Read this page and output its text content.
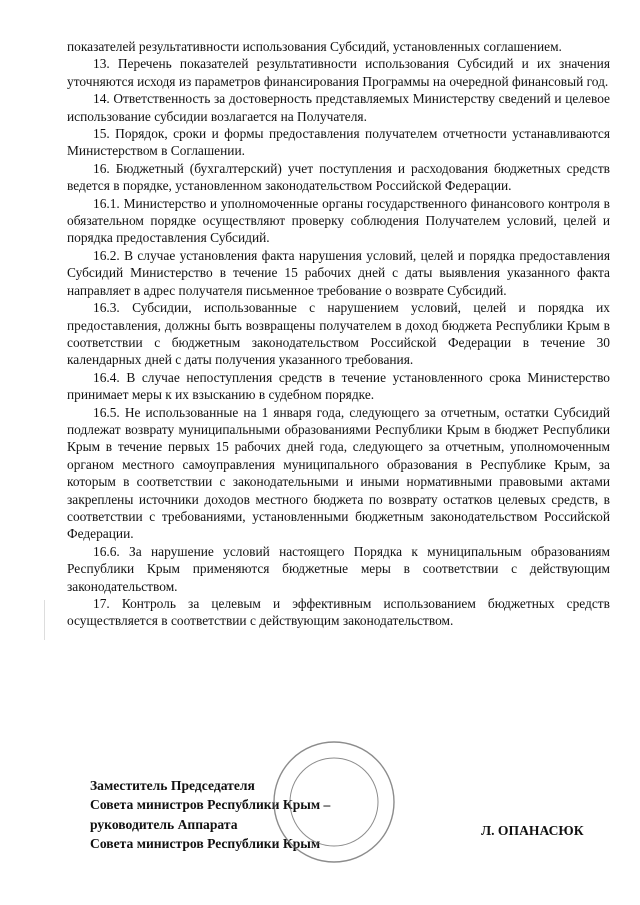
показателей результативности использования Субсидий, установленных соглашением.

13. Перечень показателей результативности использования Субсидий и их значения уточняются исходя из параметров финансирования Программы на очередной финансовый год.

14. Ответственность за достоверность представляемых Министерству сведений и целевое использование субсидии возлагается на Получателя.

15. Порядок, сроки и формы предоставления получателем отчетности устанавливаются Министерством в Соглашении.

16. Бюджетный (бухгалтерский) учет поступления и расходования бюджетных средств ведется в порядке, установленном законодательством Российской Федерации.

16.1. Министерство и уполномоченные органы государственного финансового контроля в обязательном порядке осуществляют проверку соблюдения Получателем условий, целей и порядка предоставления Субсидий.

16.2. В случае установления факта нарушения условий, целей и порядка предоставления Субсидий Министерство в течение 15 рабочих дней с даты выявления указанного факта направляет в адрес получателя письменное требование о возврате Субсидий.

16.3. Субсидии, использованные с нарушением условий, целей и порядка их предоставления, должны быть возвращены получателем в доход бюджета Республики Крым в соответствии с бюджетным законодательством Российской Федерации в течение 30 календарных дней с даты получения указанного требования.

16.4. В случае непоступления средств в течение установленного срока Министерство принимает меры к их взысканию в судебном порядке.

16.5. Не использованные на 1 января года, следующего за отчетным, остатки Субсидий подлежат возврату муниципальными образованиями Республики Крым в бюджет Республики Крым в течение первых 15 рабочих дней года, следующего за отчетным, уполномоченным органом местного самоуправления муниципального образования в Республике Крым, за которым в соответствии с законодательными и иными нормативными правовыми актами закреплены источники доходов местного бюджета по возврату остатков целевых средств, в соответствии с требованиями, установленными бюджетным законодательством Российской Федерации.

16.6. За нарушение условий настоящего Порядка к муниципальным образованиям Республики Крым применяются бюджетные меры в соответствии с действующим законодательством.

17. Контроль за целевым и эффективным использованием бюджетных средств осуществляется в соответствии с действующим законодательством.

Заместитель Председателя
Совета министров Республики Крым –
руководитель Аппарата
Совета министров Республики Крым
Л. ОПАНАСЮК
